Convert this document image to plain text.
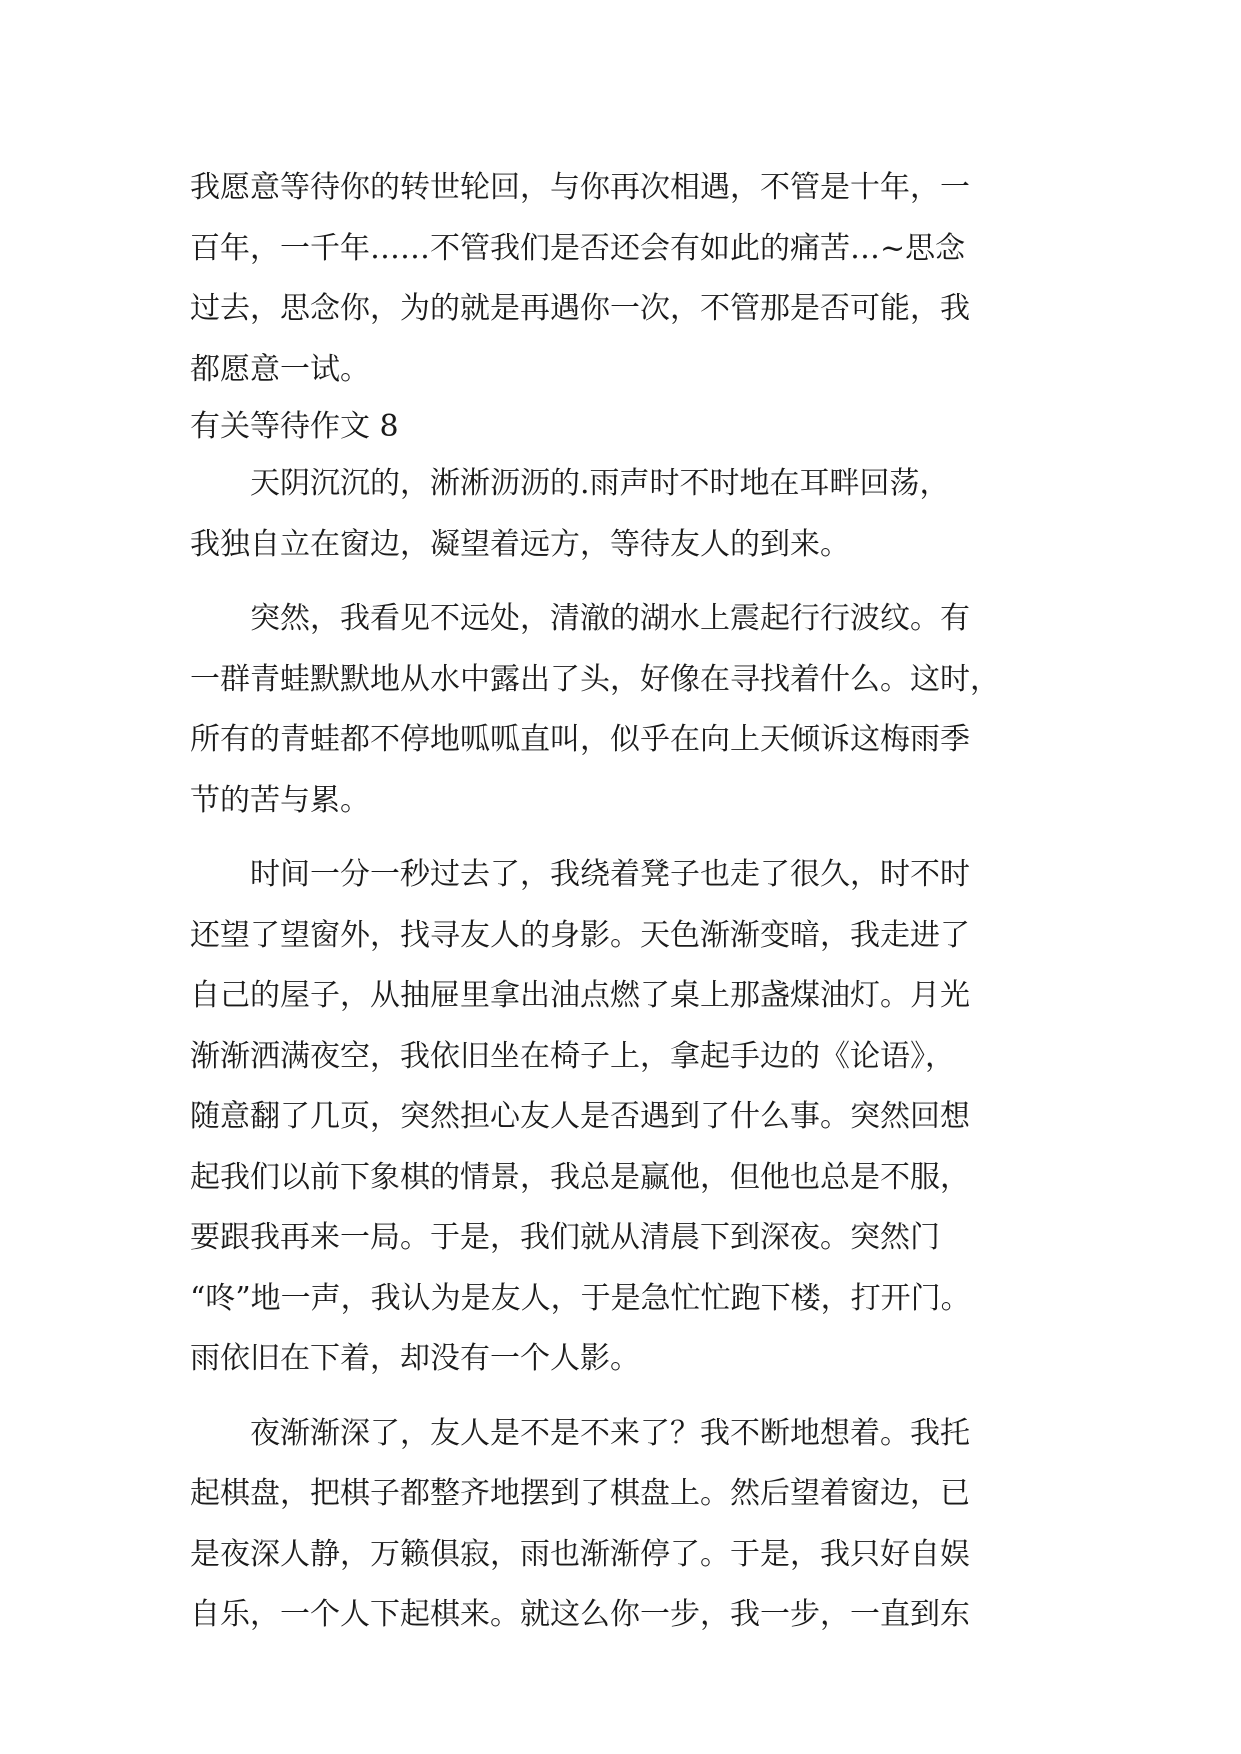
我愿意等待你的转世轮回，与你再次相遇，不管是十年，一
百年，一千年……不管我们是否还会有如此的痛苦…~思念
过去，思念你，为的就是再遇你一次，不管那是否可能，我
都愿意一试。
有关等待作文 8
　　天阴沉沉的，淅淅沥沥的.雨声时不时地在耳畔回荡，
我独自立在窗边，凝望着远方，等待友人的到来。
　　突然，我看见不远处，清澈的湖水上震起行行波纹。有
一群青蛙默默地从水中露出了头，好像在寻找着什么。这时，
所有的青蛙都不停地呱呱直叫，似乎在向上天倾诉这梅雨季
节的苦与累。
　　时间一分一秒过去了，我绕着凳子也走了很久，时不时
还望了望窗外，找寻友人的身影。天色渐渐变暗，我走进了
自己的屋子，从抽屉里拿出油点燃了桌上那盏煤油灯。月光
渐渐洒满夜空，我依旧坐在椅子上，拿起手边的《论语》，
随意翻了几页，突然担心友人是否遇到了什么事。突然回想
起我们以前下象棋的情景，我总是赢他，但他也总是不服，
要跟我再来一局。于是，我们就从清晨下到深夜。突然门
“咚”地一声，我认为是友人，于是急忙忙跑下楼，打开门。
雨依旧在下着，却没有一个人影。
　　夜渐渐深了，友人是不是不来了？我不断地想着。我托
起棋盘，把棋子都整齐地摆到了棋盘上。然后望着窗边，已
是夜深人静，万籁俱寂，雨也渐渐停了。于是，我只好自娱
自乐，一个人下起棋来。就这么你一步，我一步，一直到东
